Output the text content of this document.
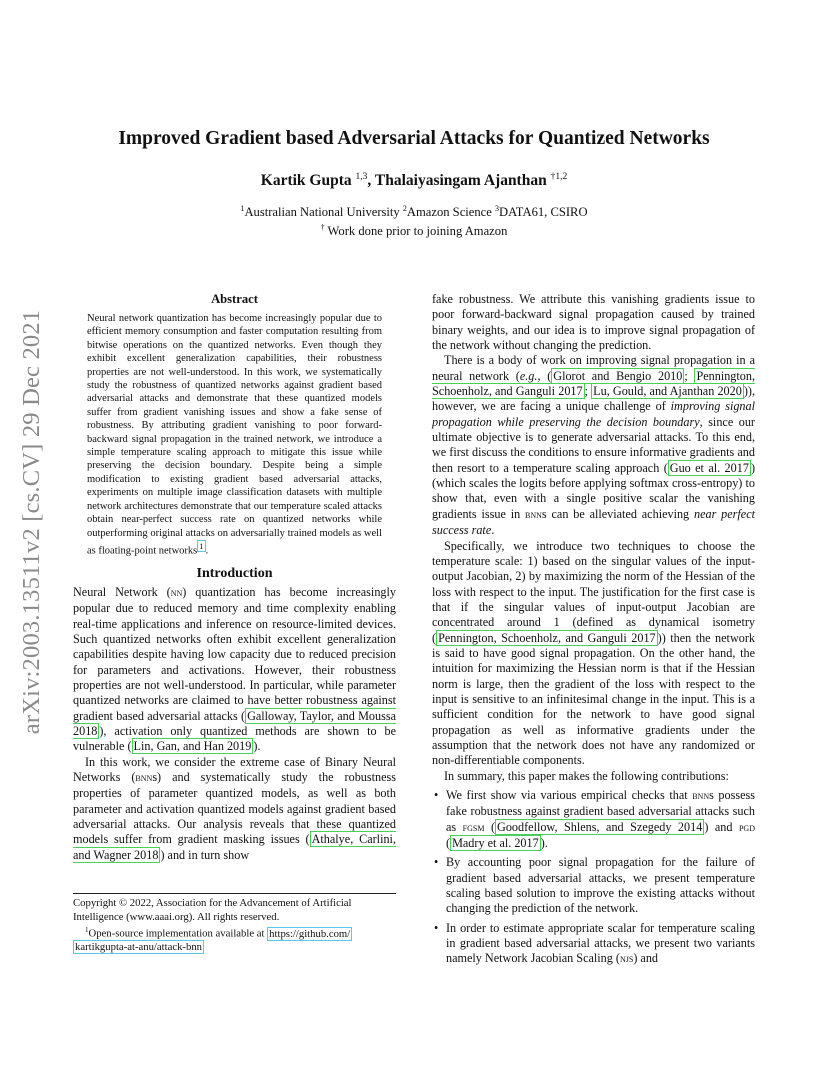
Improved Gradient based Adversarial Attacks for Quantized Networks
Kartik Gupta $^{1,3}$, Thalaiyasingam Ajanthan $^{\dagger 1,2}$
$^1$Australian National University $^2$Amazon Science $^3$DATA61, CSIRO
† Work done prior to joining Amazon
arXiv:2003.13511v2 [cs.CV] 29 Dec 2021
Abstract

Neural network quantization has become increasingly popular due to efficient memory consumption and faster computation resulting from bitwise operations on the quantized networks. Even though they exhibit excellent generalization capabilities, their robustness properties are not well-understood. In this work, we systematically study the robustness of quantized networks against gradient based adversarial attacks and demonstrate that these quantized models suffer from gradient vanishing issues and show a fake sense of robustness. By attributing gradient vanishing to poor forward-backward signal propagation in the trained network, we introduce a simple temperature scaling approach to mitigate this issue while preserving the decision boundary. Despite being a simple modification to existing gradient based adversarial attacks, experiments on multiple image classification datasets with multiple network architectures demonstrate that our temperature scaled attacks obtain near-perfect success rate on quantized networks while outperforming original attacks on adversarially trained models as well as floating-point networks $^1$ .

Introduction

Neural Network (nn) quantization has become increasingly popular due to reduced memory and time complexity enabling real-time applications and inference on resource-limited devices. Such quantized networks often exhibit excellent generalization capabilities despite having low capacity due to reduced precision for parameters and activations. However, their robustness properties are not well-understood. In particular, while parameter quantized networks are claimed to have better robustness against gradient based adversarial attacks ( Galloway, Taylor, and Moussa 2018 ), activation only quantized methods are shown to be vulnerable ( Lin, Gan, and Han 2019 ).

In this work, we consider the extreme case of Binary Neural Networks (bnns) and systematically study the robustness properties of parameter quantized models, as well as both parameter and activation quantized models against gradient based adversarial attacks. Our analysis reveals that these quantized models suffer from gradient masking issues ( Athalye, Carlini, and Wagner 2018 ) and in turn show

Copyright © 2022, Association for the Advancement of Artificial Intelligence (www.aaai.org). All rights reserved.

$^1$Open-source implementation available at https://github.com/ kartikgupta-at-anu/attack-bnn

fake robustness. We attribute this vanishing gradients issue to poor forward-backward signal propagation caused by trained binary weights, and our idea is to improve signal propagation of the network without changing the prediction.

There is a body of work on improving signal propagation in a neural network (e.g., ( Glorot and Bengio 2010 ; Pennington, Schoenholz, and Ganguli 2017 ; Lu, Gould, and Ajanthan 2020 )), however, we are facing a unique challenge of improving signal propagation while preserving the decision boundary, since our ultimate objective is to generate adversarial attacks. To this end, we first discuss the conditions to ensure informative gradients and then resort to a temperature scaling approach ( Guo et al. 2017 ) (which scales the logits before applying softmax cross-entropy) to show that, even with a single positive scalar the vanishing gradients issue in bnns can be alleviated achieving near perfect success rate.

Specifically, we introduce two techniques to choose the temperature scale: 1) based on the singular values of the input-output Jacobian, 2) by maximizing the norm of the Hessian of the loss with respect to the input. The justification for the first case is that if the singular values of input-output Jacobian are concentrated around 1 (defined as dynamical isometry ( Pennington, Schoenholz, and Ganguli 2017 )) then the network is said to have good signal propagation. On the other hand, the intuition for maximizing the Hessian norm is that if the Hessian norm is large, then the gradient of the loss with respect to the input is sensitive to an infinitesimal change in the input. This is a sufficient condition for the network to have good signal propagation as well as informative gradients under the assumption that the network does not have any randomized or non-differentiable components.

In summary, this paper makes the following contributions:

• We first show via various empirical checks that bnns possess fake robustness against gradient based adversarial attacks such as fgsm ( Goodfellow, Shlens, and Szegedy 2014 ) and pgd ( Madry et al. 2017 ).
• By accounting poor signal propagation for the failure of gradient based adversarial attacks, we present temperature scaling based solution to improve the existing attacks without changing the prediction of the network.
• In order to estimate appropriate scalar for temperature scaling in gradient based adversarial attacks, we present two variants namely Network Jacobian Scaling (njs) and
